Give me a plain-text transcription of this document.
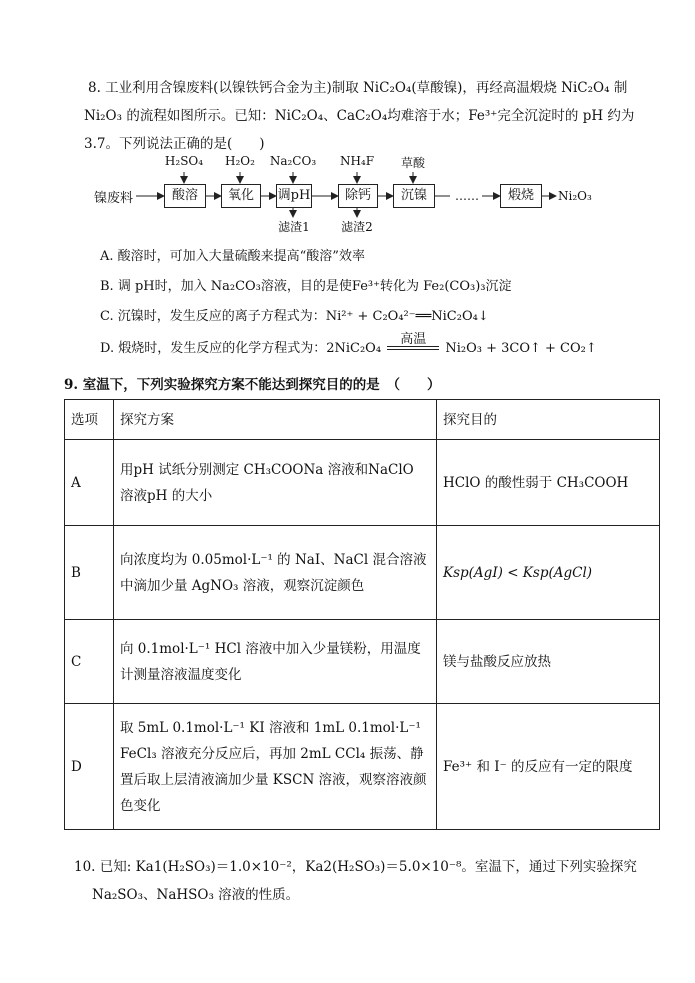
8. 工业利用含镍废料(以镍铁钙合金为主)制取 NiC₂O₄(草酸镍)，再经高温煅烧 NiC₂O₄ 制
Ni₂O₃ 的流程如图所示。已知：NiC₂O₄、CaC₂O₄均难溶于水；Fe³⁺完全沉淀时的 pH 约为
3.7。下列说法正确的是(　　)
镍废料
H₂SO₄	H₂O₂	Na₂CO₃ NH₄F	草酸
酸溶	氧化	调pH	除钙	沉镍	……	煅烧	Ni₂O₃
滤渣1	滤渣2
A. 酸溶时，可加入大量硫酸来提高“酸溶”效率
B. 调 pH时，加入 Na₂CO₃溶液，目的是使Fe³⁺转化为 Fe₂(CO₃)₃沉淀
C. 沉镍时，发生反应的离子方程式为：Ni²⁺ + C₂O₄²⁻══NiC₂O₄↓
D. 煅烧时，发生反应的化学方程式为：2NiC₂O₄
高温
Ni₂O₃ + 3CO↑ + CO₂↑
9. 室温下，下列实验探究方案不能达到探究目的的是　（　　）
选项	探究方案	探究目的
A	用pH 试纸分别测定 CH₃COONa 溶液和NaClO 溶液pH 的大小	HClO 的酸性弱于 CH₃COOH
B	向浓度均为 0.05mol·L⁻¹ 的 NaI、NaCl 混合溶液中滴加少量 AgNO₃ 溶液，观察沉淀颜色	Ksp(AgI) < Ksp(AgCl)
C	向 0.1mol·L⁻¹ HCl 溶液中加入少量镁粉，用温度计测量溶液温度变化	镁与盐酸反应放热
D	取 5mL 0.1mol·L⁻¹ KI 溶液和 1mL 0.1mol·L⁻¹ FeCl₃ 溶液充分反应后，再加 2mL CCl₄ 振荡、静置后取上层清液滴加少量 KSCN 溶液，观察溶液颜色变化	Fe³⁺ 和 I⁻ 的反应有一定的限度
10. 已知: Ka1(H₂SO₃)＝1.0×10⁻²，Ka2(H₂SO₃)＝5.0×10⁻⁸。室温下，通过下列实验探究
Na₂SO₃、NaHSO₃ 溶液的性质。
